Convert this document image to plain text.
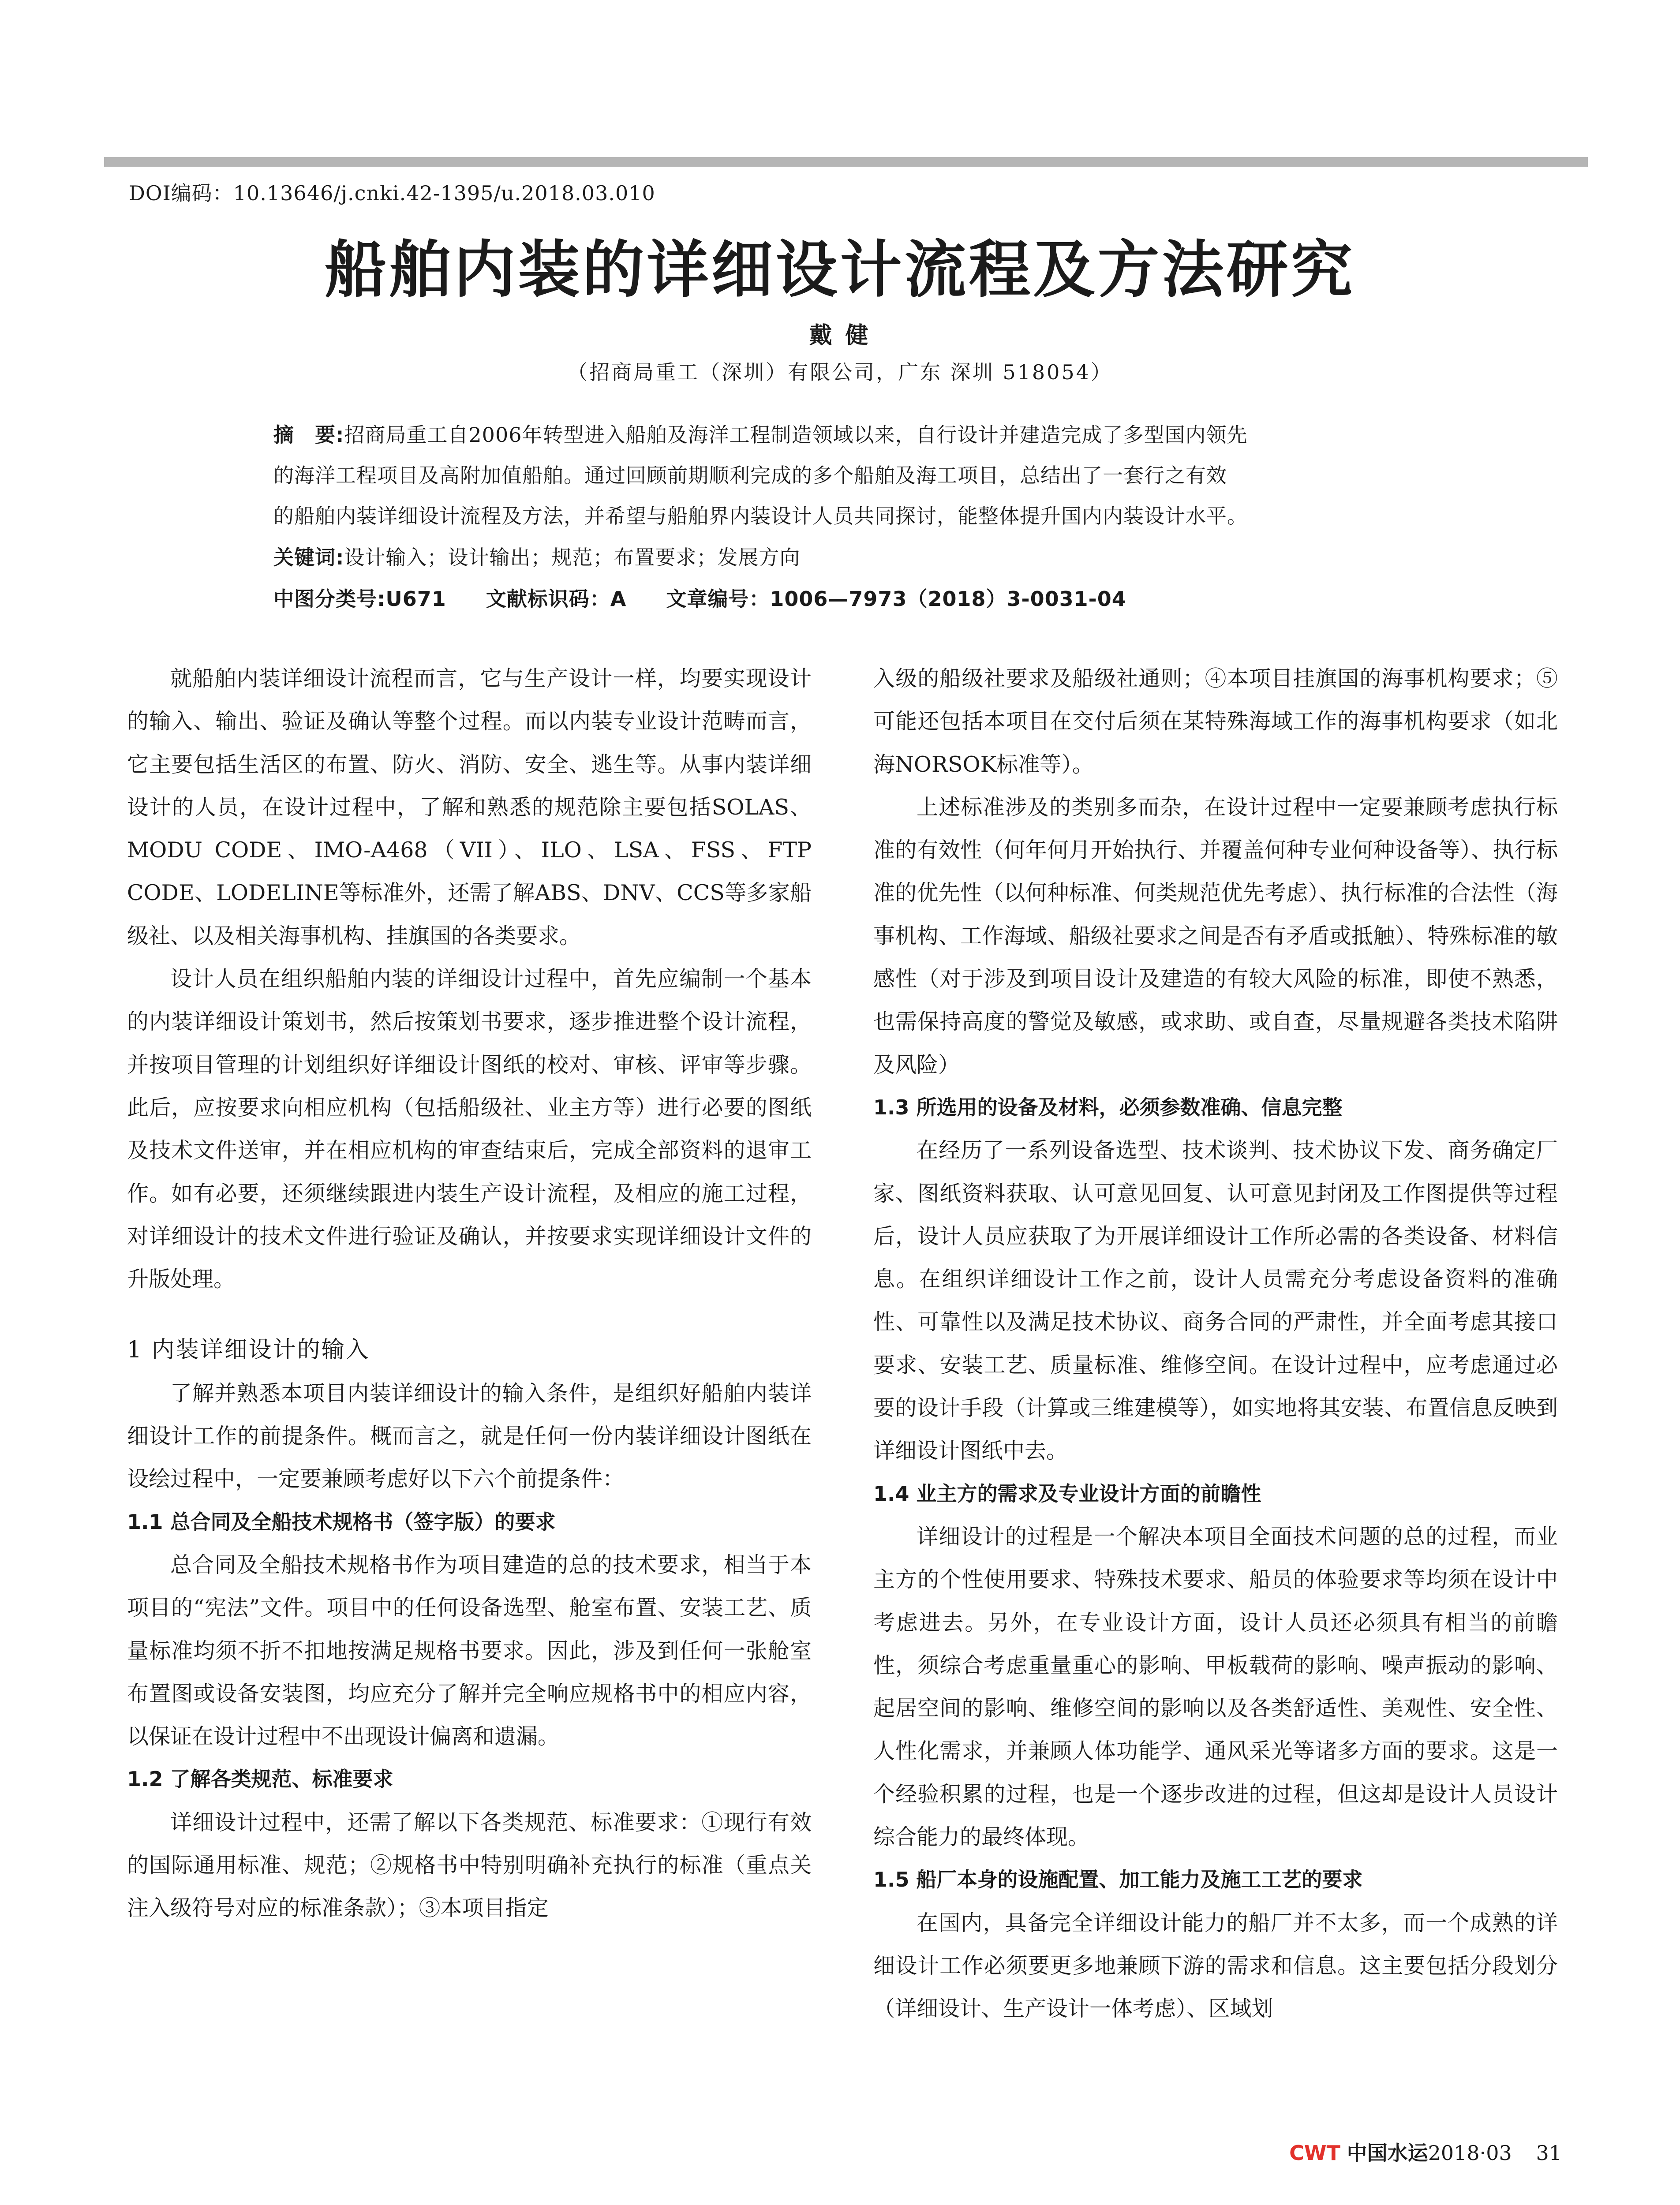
DOI编码：10.13646/j.cnki.42-1395/u.2018.03.010
船舶内装的详细设计流程及方法研究
戴 健
（招商局重工（深圳）有限公司，广东 深圳 518054）

摘　要:招商局重工自2006年转型进入船舶及海洋工程制造领域以来，自行设计并建造完成了多型国内领先

的海洋工程项目及高附加值船舶。通过回顾前期顺利完成的多个船舶及海工项目，总结出了一套行之有效

的船舶内装详细设计流程及方法，并希望与船舶界内装设计人员共同探讨，能整体提升国内内装设计水平。

关键词:设计输入；设计输出；规范；布置要求；发展方向
中图分类号:U671 文献标识码：A 文章编号：1006—7973（2018）3-0031-04

就船舶内装详细设计流程而言，它与生产设计一样，均要实现设计的输入、输出、验证及确认等整个过程。而以内装专业设计范畴而言，它主要包括生活区的布置、防火、消防、安全、逃生等。从事内装详细设计的人员，在设计过程中，了解和熟悉的规范除主要包括SOLAS、MODU CODE、IMO-A468（VII）、ILO、LSA、FSS、FTP CODE、LODELINE等标准外，还需了解ABS、DNV、CCS等多家船级社、以及相关海事机构、挂旗国的各类要求。

设计人员在组织船舶内装的详细设计过程中，首先应编制一个基本的内装详细设计策划书，然后按策划书要求，逐步推进整个设计流程，并按项目管理的计划组织好详细设计图纸的校对、审核、评审等步骤。此后，应按要求向相应机构（包括船级社、业主方等）进行必要的图纸及技术文件送审，并在相应机构的审查结束后，完成全部资料的退审工作。如有必要，还须继续跟进内装生产设计流程，及相应的施工过程，对详细设计的技术文件进行验证及确认，并按要求实现详细设计文件的升版处理。

1 内装详细设计的输入

了解并熟悉本项目内装详细设计的输入条件，是组织好船舶内装详细设计工作的前提条件。概而言之，就是任何一份内装详细设计图纸在设绘过程中，一定要兼顾考虑好以下六个前提条件：

1.1 总合同及全船技术规格书（签字版）的要求

总合同及全船技术规格书作为项目建造的总的技术要求，相当于本项目的“宪法”文件。项目中的任何设备选型、舱室布置、安装工艺、质量标准均须不折不扣地按满足规格书要求。因此，涉及到任何一张舱室布置图或设备安装图，均应充分了解并完全响应规格书中的相应内容，以保证在设计过程中不出现设计偏离和遗漏。

1.2 了解各类规范、标准要求

详细设计过程中，还需了解以下各类规范、标准要求：①现行有效的国际通用标准、规范；②规格书中特别明确补充执行的标准（重点关注入级符号对应的标准条款）；③本项目指定

入级的船级社要求及船级社通则；④本项目挂旗国的海事机构要求；⑤可能还包括本项目在交付后须在某特殊海域工作的海事机构要求（如北海NORSOK标准等）。

上述标准涉及的类别多而杂，在设计过程中一定要兼顾考虑执行标准的有效性（何年何月开始执行、并覆盖何种专业何种设备等）、执行标准的优先性（以何种标准、何类规范优先考虑）、执行标准的合法性（海事机构、工作海域、船级社要求之间是否有矛盾或抵触）、特殊标准的敏感性（对于涉及到项目设计及建造的有较大风险的标准，即使不熟悉，也需保持高度的警觉及敏感，或求助、或自查，尽量规避各类技术陷阱及风险）

1.3 所选用的设备及材料，必须参数准确、信息完整

在经历了一系列设备选型、技术谈判、技术协议下发、商务确定厂家、图纸资料获取、认可意见回复、认可意见封闭及工作图提供等过程后，设计人员应获取了为开展详细设计工作所必需的各类设备、材料信息。在组织详细设计工作之前，设计人员需充分考虑设备资料的准确性、可靠性以及满足技术协议、商务合同的严肃性，并全面考虑其接口要求、安装工艺、质量标准、维修空间。在设计过程中，应考虑通过必要的设计手段（计算或三维建模等），如实地将其安装、布置信息反映到详细设计图纸中去。

1.4 业主方的需求及专业设计方面的前瞻性

详细设计的过程是一个解决本项目全面技术问题的总的过程，而业主方的个性使用要求、特殊技术要求、船员的体验要求等均须在设计中考虑进去。另外，在专业设计方面，设计人员还必须具有相当的前瞻性，须综合考虑重量重心的影响、甲板载荷的影响、噪声振动的影响、起居空间的影响、维修空间的影响以及各类舒适性、美观性、安全性、人性化需求，并兼顾人体功能学、通风采光等诸多方面的要求。这是一个经验积累的过程，也是一个逐步改进的过程，但这却是设计人员设计综合能力的最终体现。

1.5 船厂本身的设施配置、加工能力及施工工艺的要求

在国内，具备完全详细设计能力的船厂并不太多，而一个成熟的详细设计工作必须要更多地兼顾下游的需求和信息。这主要包括分段划分（详细设计、生产设计一体考虑）、区域划

CWT 中国水运2018·03 31
